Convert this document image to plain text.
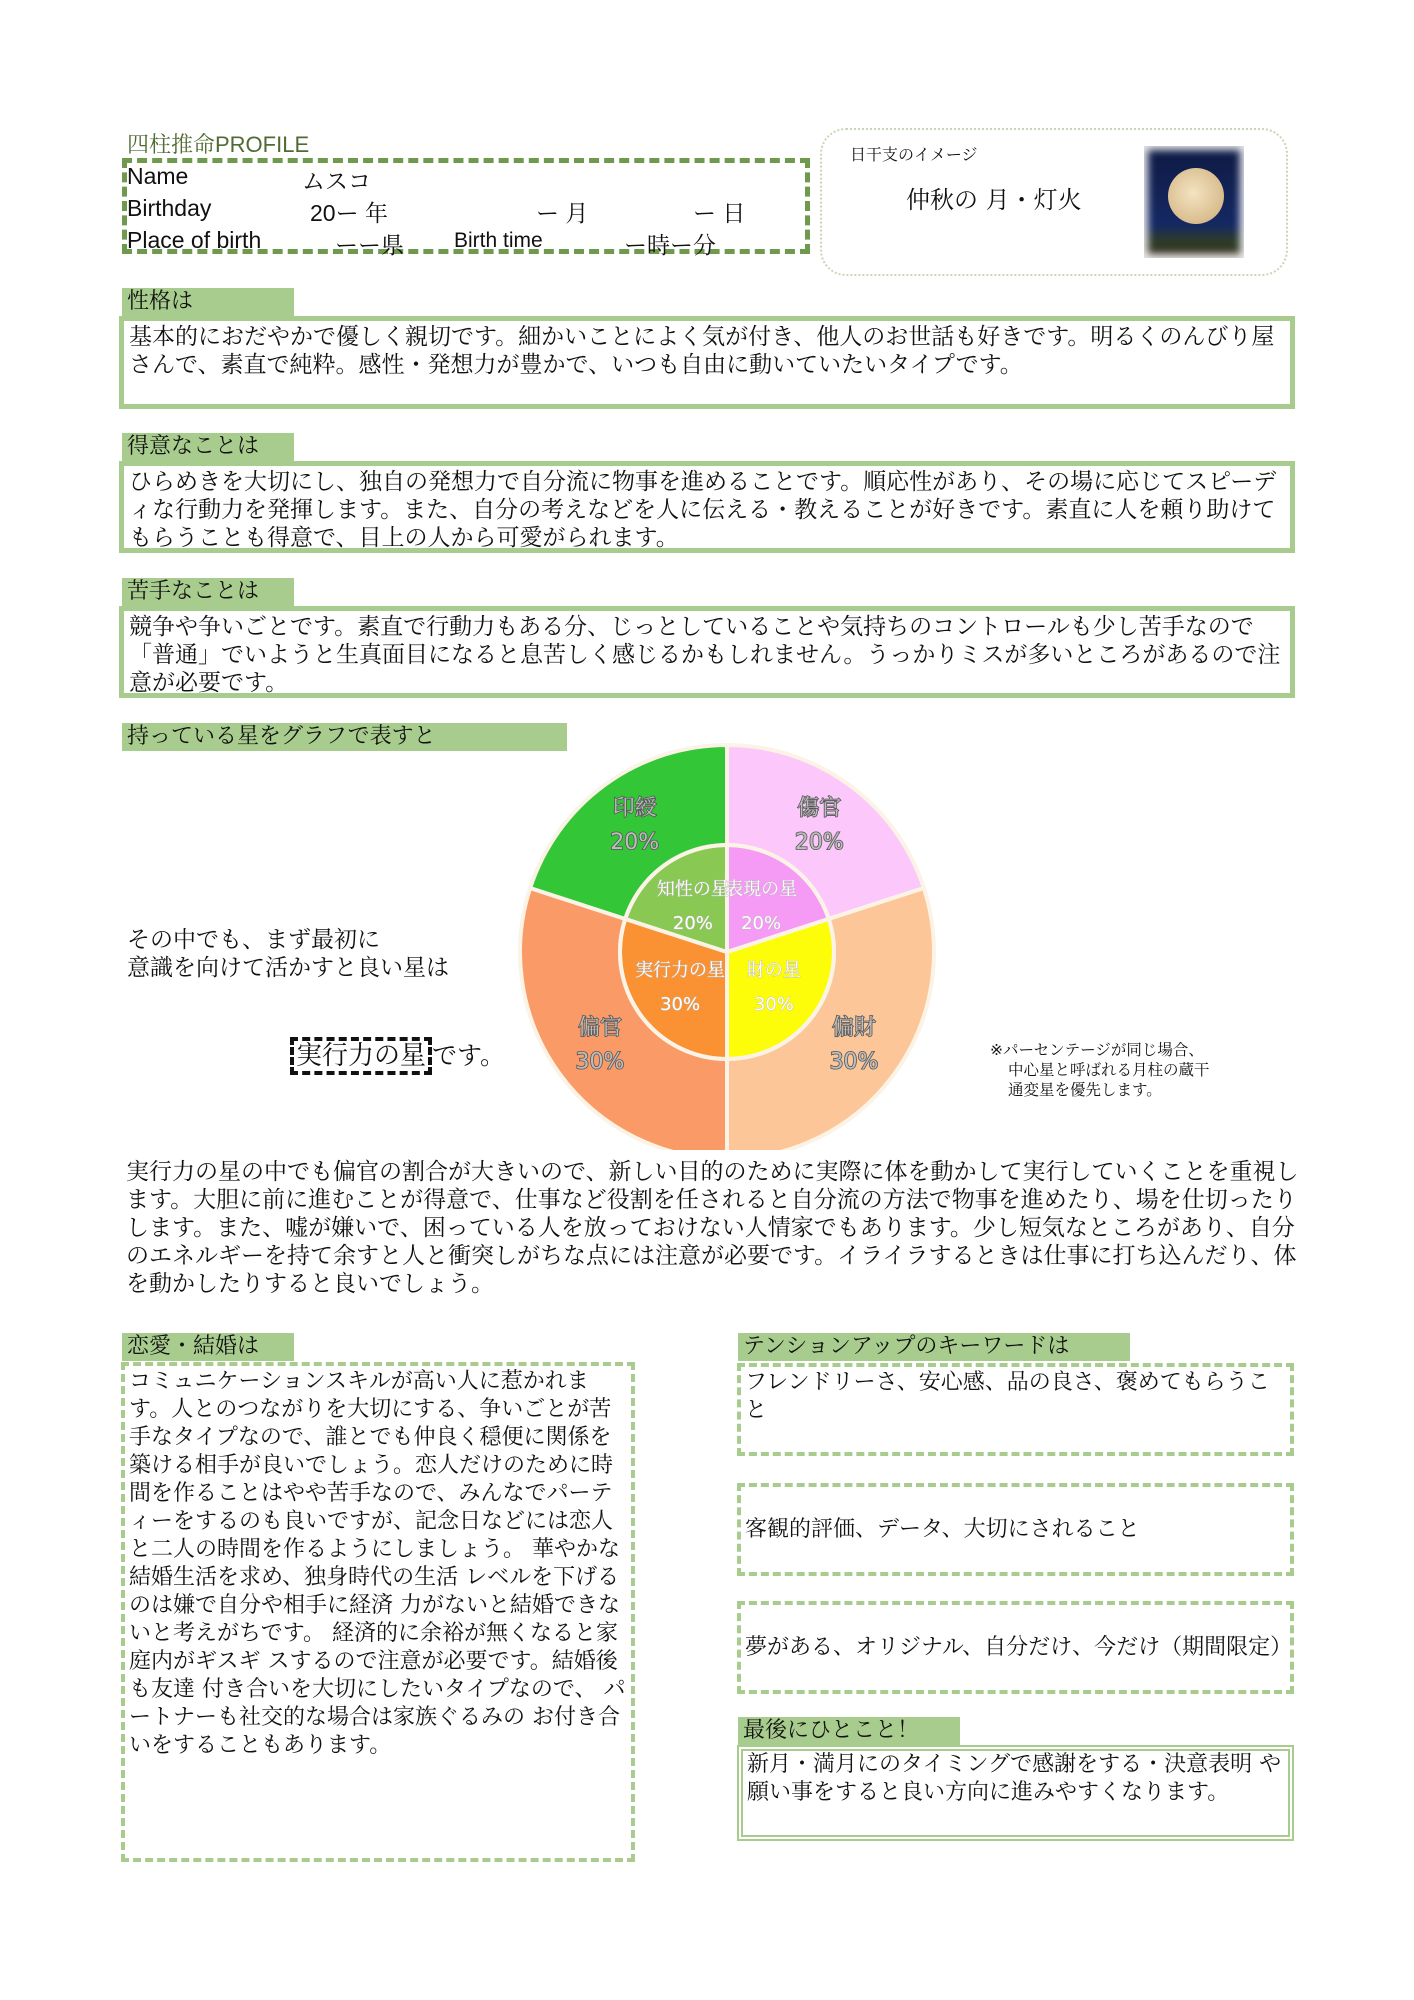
四柱推命PROFILE
Name	ムスコ
Birthday	20ー 年	ー 月	ー 日
Place of birth	ーー県 Birth time	ー時ー分
日干支のイメージ
仲秋の 月・灯火
性格は
基本的におだやかで優しく親切です。細かいことによく気が付き、他人のお世話も好きです。明るくのんびり屋さんで、素直で純粋。感性・発想力が豊かで、いつも自由に動いていたいタイプです。
得意なことは
ひらめきを大切にし、独自の発想力で自分流に物事を進めることです。順応性があり、その場に応じてスピーディな行動力を発揮します。また、自分の考えなどを人に伝える・教えることが好きです。素直に人を頼り助けてもらうことも得意で、目上の人から可愛がられます。
苦手なことは
競争や争いごとです。素直で行動力もある分、じっとしていることや気持ちのコントロールも少し苦手なので「普通」でいようと生真面目になると息苦しく感じるかもしれません。うっかりミスが多いところがあるので注意が必要です。
持っている星をグラフで表すと
その中でも、まず最初に
意識を向けて活かすと良い星は
実行力の星 です。
傷官
20%
偏財
30%
偏官
30%
印綬
20%
表現の星
20%
財の星
30%
実行力の星
30%
知性の星
20%
※パーセンテージが同じ場合、
中心星と呼ばれる月柱の蔵干
通変星を優先します。
実行力の星の中でも偏官の割合が大きいので、新しい目的のために実際に体を動かして実行していくことを重視します。大胆に前に進むことが得意で、仕事など役割を任されると自分流の方法で物事を進めたり、場を仕切ったりします。また、嘘が嫌いで、困っている人を放っておけない人情家でもあります。少し短気なところがあり、自分のエネルギーを持て余すと人と衝突しがちな点には注意が必要です。イライラするときは仕事に打ち込んだり、体を動かしたりすると良いでしょう。
恋愛・結婚は
コミュニケーションスキルが高い人に惹かれます。人とのつながりを大切にする、争いごとが苦手なタイプなので、誰とでも仲良く穏便に関係を築ける相手が良いでしょう。恋人だけのために時間を作ることはやや苦手なので、みんなでパーティーをするのも良いですが、記念日などには恋人と二人の時間を作るようにしましょう。 華やかな結婚生活を求め、独身時代の生活 レベルを下げるのは嫌で自分や相手に経済 力がないと結婚できないと考えがちです。 経済的に余裕が無くなると家庭内がギスギ スするので注意が必要です。結婚後も友達 付き合いを大切にしたいタイプなので、 パートナーも社交的な場合は家族ぐるみの お付き合いをすることもあります。
テンションアップのキーワードは
フレンドリーさ、安心感、品の良さ、褒めてもらうこと
客観的評価、データ、大切にされること
夢がある、オリジナル、自分だけ、今だけ（期間限定）
最後にひとこと！
新月・満月にのタイミングで感謝をする・決意表明 や願い事をすると良い方向に進みやすくなります。
